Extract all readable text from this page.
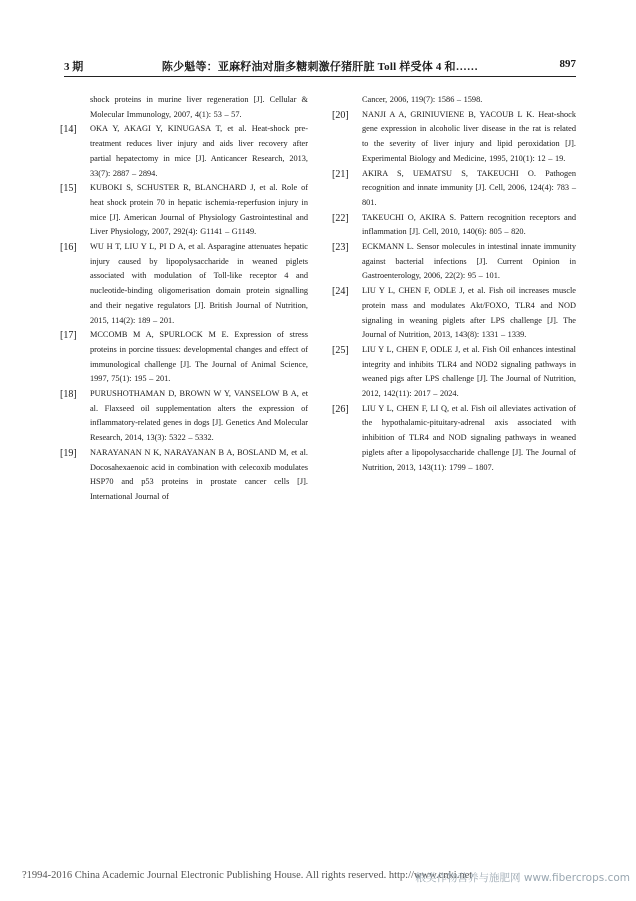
3 期	陈少魁等：亚麻籽油对脂多糖刺激仔猪肝脏 Toll 样受体 4 和……	897
shock proteins in murine liver regeneration [J]. Cellular & Molecular Immunology, 2007, 4(1): 53 – 57.
[14] OKA Y, AKAGI Y, KINUGASA T, et al. Heat-shock pre-treatment reduces liver injury and aids liver recovery after partial hepatectomy in mice [J]. Anticancer Research, 2013, 33(7): 2887 – 2894.
[15] KUBOKI S, SCHUSTER R, BLANCHARD J, et al. Role of heat shock protein 70 in hepatic ischemia-reperfusion injury in mice [J]. American Journal of Physiology Gastrointestinal and Liver Physiology, 2007, 292(4): G1141 – G1149.
[16] WU H T, LIU Y L, PI D A, et al. Asparagine attenuates hepatic injury caused by lipopolysaccharide in weaned piglets associated with modulation of Toll-like receptor 4 and nucleotide-binding oligomerisation domain protein signalling and their negative regulators [J]. British Journal of Nutrition, 2015, 114(2): 189 – 201.
[17] MCCOMB M A, SPURLOCK M E. Expression of stress proteins in porcine tissues: developmental changes and effect of immunological challenge [J]. The Journal of Animal Science, 1997, 75(1): 195 – 201.
[18] PURUSHOTHAMAN D, BROWN W Y, VANSELOW B A, et al. Flaxseed oil supplementation alters the expression of inflammatory-related genes in dogs [J]. Genetics And Molecular Research, 2014, 13(3): 5322 – 5332.
[19] NARAYANAN N K, NARAYANAN B A, BOSLAND M, et al. Docosahexaenoic acid in combination with celecoxib modulates HSP70 and p53 proteins in prostate cancer cells [J]. International Journal of
Cancer, 2006, 119(7): 1586 – 1598.
[20] NANJI A A, GRINIUVIENE B, YACOUB L K. Heat-shock gene expression in alcoholic liver disease in the rat is related to the severity of liver injury and lipid peroxidation [J]. Experimental Biology and Medicine, 1995, 210(1): 12 – 19.
[21] AKIRA S, UEMATSU S, TAKEUCHI O. Pathogen recognition and innate immunity [J]. Cell, 2006, 124(4): 783 – 801.
[22] TAKEUCHI O, AKIRA S. Pattern recognition receptors and inflammation [J]. Cell, 2010, 140(6): 805 – 820.
[23] ECKMANN L. Sensor molecules in intestinal innate immunity against bacterial infections [J]. Current Opinion in Gastroenterology, 2006, 22(2): 95 – 101.
[24] LIU Y L, CHEN F, ODLE J, et al. Fish oil increases muscle protein mass and modulates Akt/FOXO, TLR4 and NOD signaling in weaning piglets after LPS challenge [J]. The Journal of Nutrition, 2013, 143(8): 1331 – 1339.
[25] LIU Y L, CHEN F, ODLE J, et al. Fish Oil enhances intestinal integrity and inhibits TLR4 and NOD2 signaling pathways in weaned pigs after LPS challenge [J]. The Journal of Nutrition, 2012, 142(11): 2017 – 2024.
[26] LIU Y L, CHEN F, LI Q, et al. Fish oil alleviates activation of the hypothalamic-pituitary-adrenal axis associated with inhibition of TLR4 and NOD signaling pathways in weaned piglets after a lipopolysaccharide challenge [J]. The Journal of Nutrition, 2013, 143(11): 1799 – 1807.
?1994-2016 China Academic Journal Electronic Publishing House. All rights reserved. http://www.cnki.net
粮类作物营养与施肥网 www.fibercrops.com
